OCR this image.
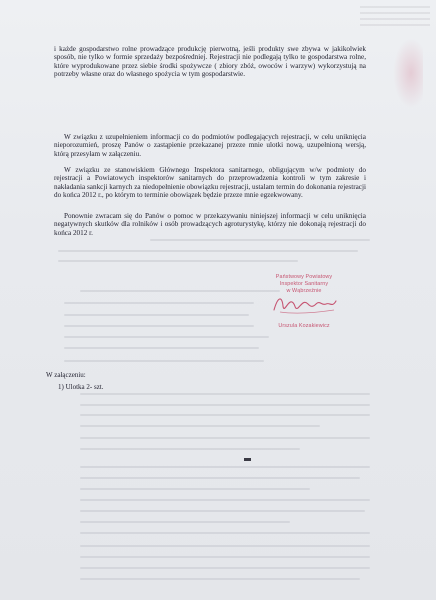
i każde gospodarstwo rolne prowadzące produkcję pierwotną, jeśli produkty swe zbywa w jakikolwiek sposób, nie tylko w formie sprzedaży bezpośredniej. Rejestracji nie podlegają tylko te gospodarstwa rolne, które wyprodukowane przez siebie środki spożywcze ( zbiory zbóż, owoców i warzyw) wykorzystują na potrzeby własne oraz do własnego spożycia w tym gospodarstwie.

W związku z uzupełnieniem informacji co do podmiotów podlegających rejestracji, w celu uniknięcia nieporozumień, proszę Panów o zastąpienie przekazanej przeze mnie ulotki nową, uzupełnioną wersją, którą przesyłam w załączeniu.

W związku ze stanowiskiem Głównego Inspektora sanitarnego, obligującym w/w podmioty do rejestracji a Powiatowych inspektorów sanitarnych do przeprowadzenia kontroli w tym zakresie i nakładania sankcji karnych za niedopełnienie obowiązku rejestracji, ustalam termin do dokonania rejestracji do końca 2012 r., po którym to terminie obowiązek będzie przeze mnie egzekwowany.

Ponownie zwracam się do Panów o pomoc w przekazywaniu niniejszej informacji w celu uniknięcia negatywnych skutków dla rolników i osób prowadzących agroturystykę, którzy nie dokonają rejestracji do końca 2012 r.

Państwowy Powiatowy
Inspektor Sanitarny
w Wąbrzeźnie
Urszula Kozakiewicz
W załączeniu:
1) Ulotka 2- szt.
